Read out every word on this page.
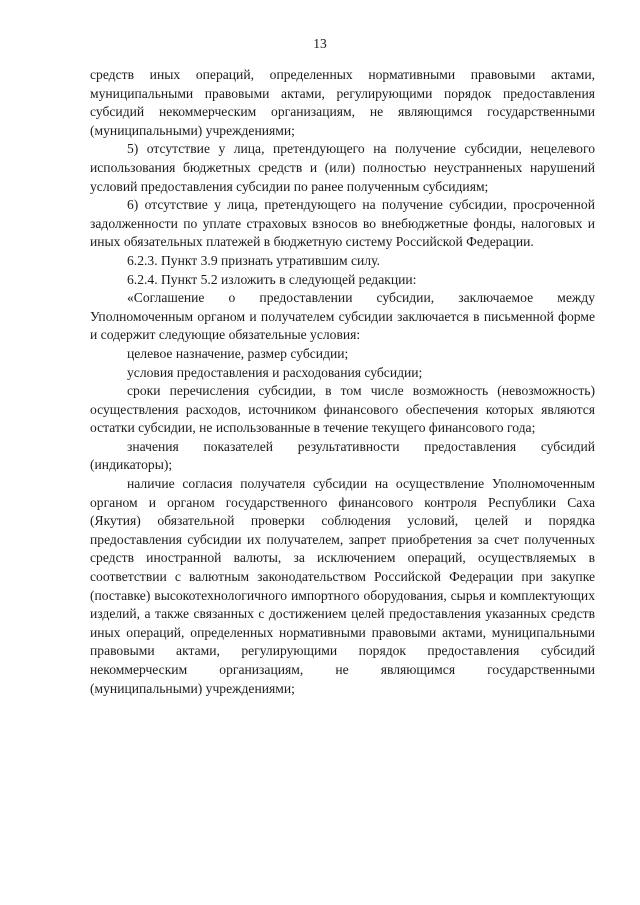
13

средств иных операций, определенных нормативными правовыми актами, муниципальными правовыми актами, регулирующими порядок предоставления субсидий некоммерческим организациям, не являющимся государственными (муниципальными) учреждениями;

5) отсутствие у лица, претендующего на получение субсидии, нецелевого использования бюджетных средств и (или) полностью неустранненых нарушений условий предоставления субсидии по ранее полученным субсидиям;

6) отсутствие у лица, претендующего на получение субсидии, просроченной задолженности по уплате страховых взносов во внебюджетные фонды, налоговых и иных обязательных платежей в бюджетную систему Российской Федерации.

6.2.3. Пункт 3.9 признать утратившим силу.

6.2.4. Пункт 5.2 изложить в следующей редакции:

«Соглашение о предоставлении субсидии, заключаемое между Уполномоченным органом и получателем субсидии заключается в письменной форме и содержит следующие обязательные условия:

целевое назначение, размер субсидии;

условия предоставления и расходования субсидии;

сроки перечисления субсидии, в том числе возможность (невозможность) осуществления расходов, источником финансового обеспечения которых являются остатки субсидии, не использованные в течение текущего финансового года;

значения показателей результативности предоставления субсидий (индикаторы);

наличие согласия получателя субсидии на осуществление Уполномоченным органом и органом государственного финансового контроля Республики Саха (Якутия) обязательной проверки соблюдения условий, целей и порядка предоставления субсидии их получателем, запрет приобретения за счет полученных средств иностранной валюты, за исключением операций, осуществляемых в соответствии с валютным законодательством Российской Федерации при закупке (поставке) высокотехнологичного импортного оборудования, сырья и комплектующих изделий, а также связанных с достижением целей предоставления указанных средств иных операций, определенных нормативными правовыми актами, муниципальными правовыми актами, регулирующими порядок предоставления субсидий некоммерческим организациям, не являющимся государственными (муниципальными) учреждениями;
